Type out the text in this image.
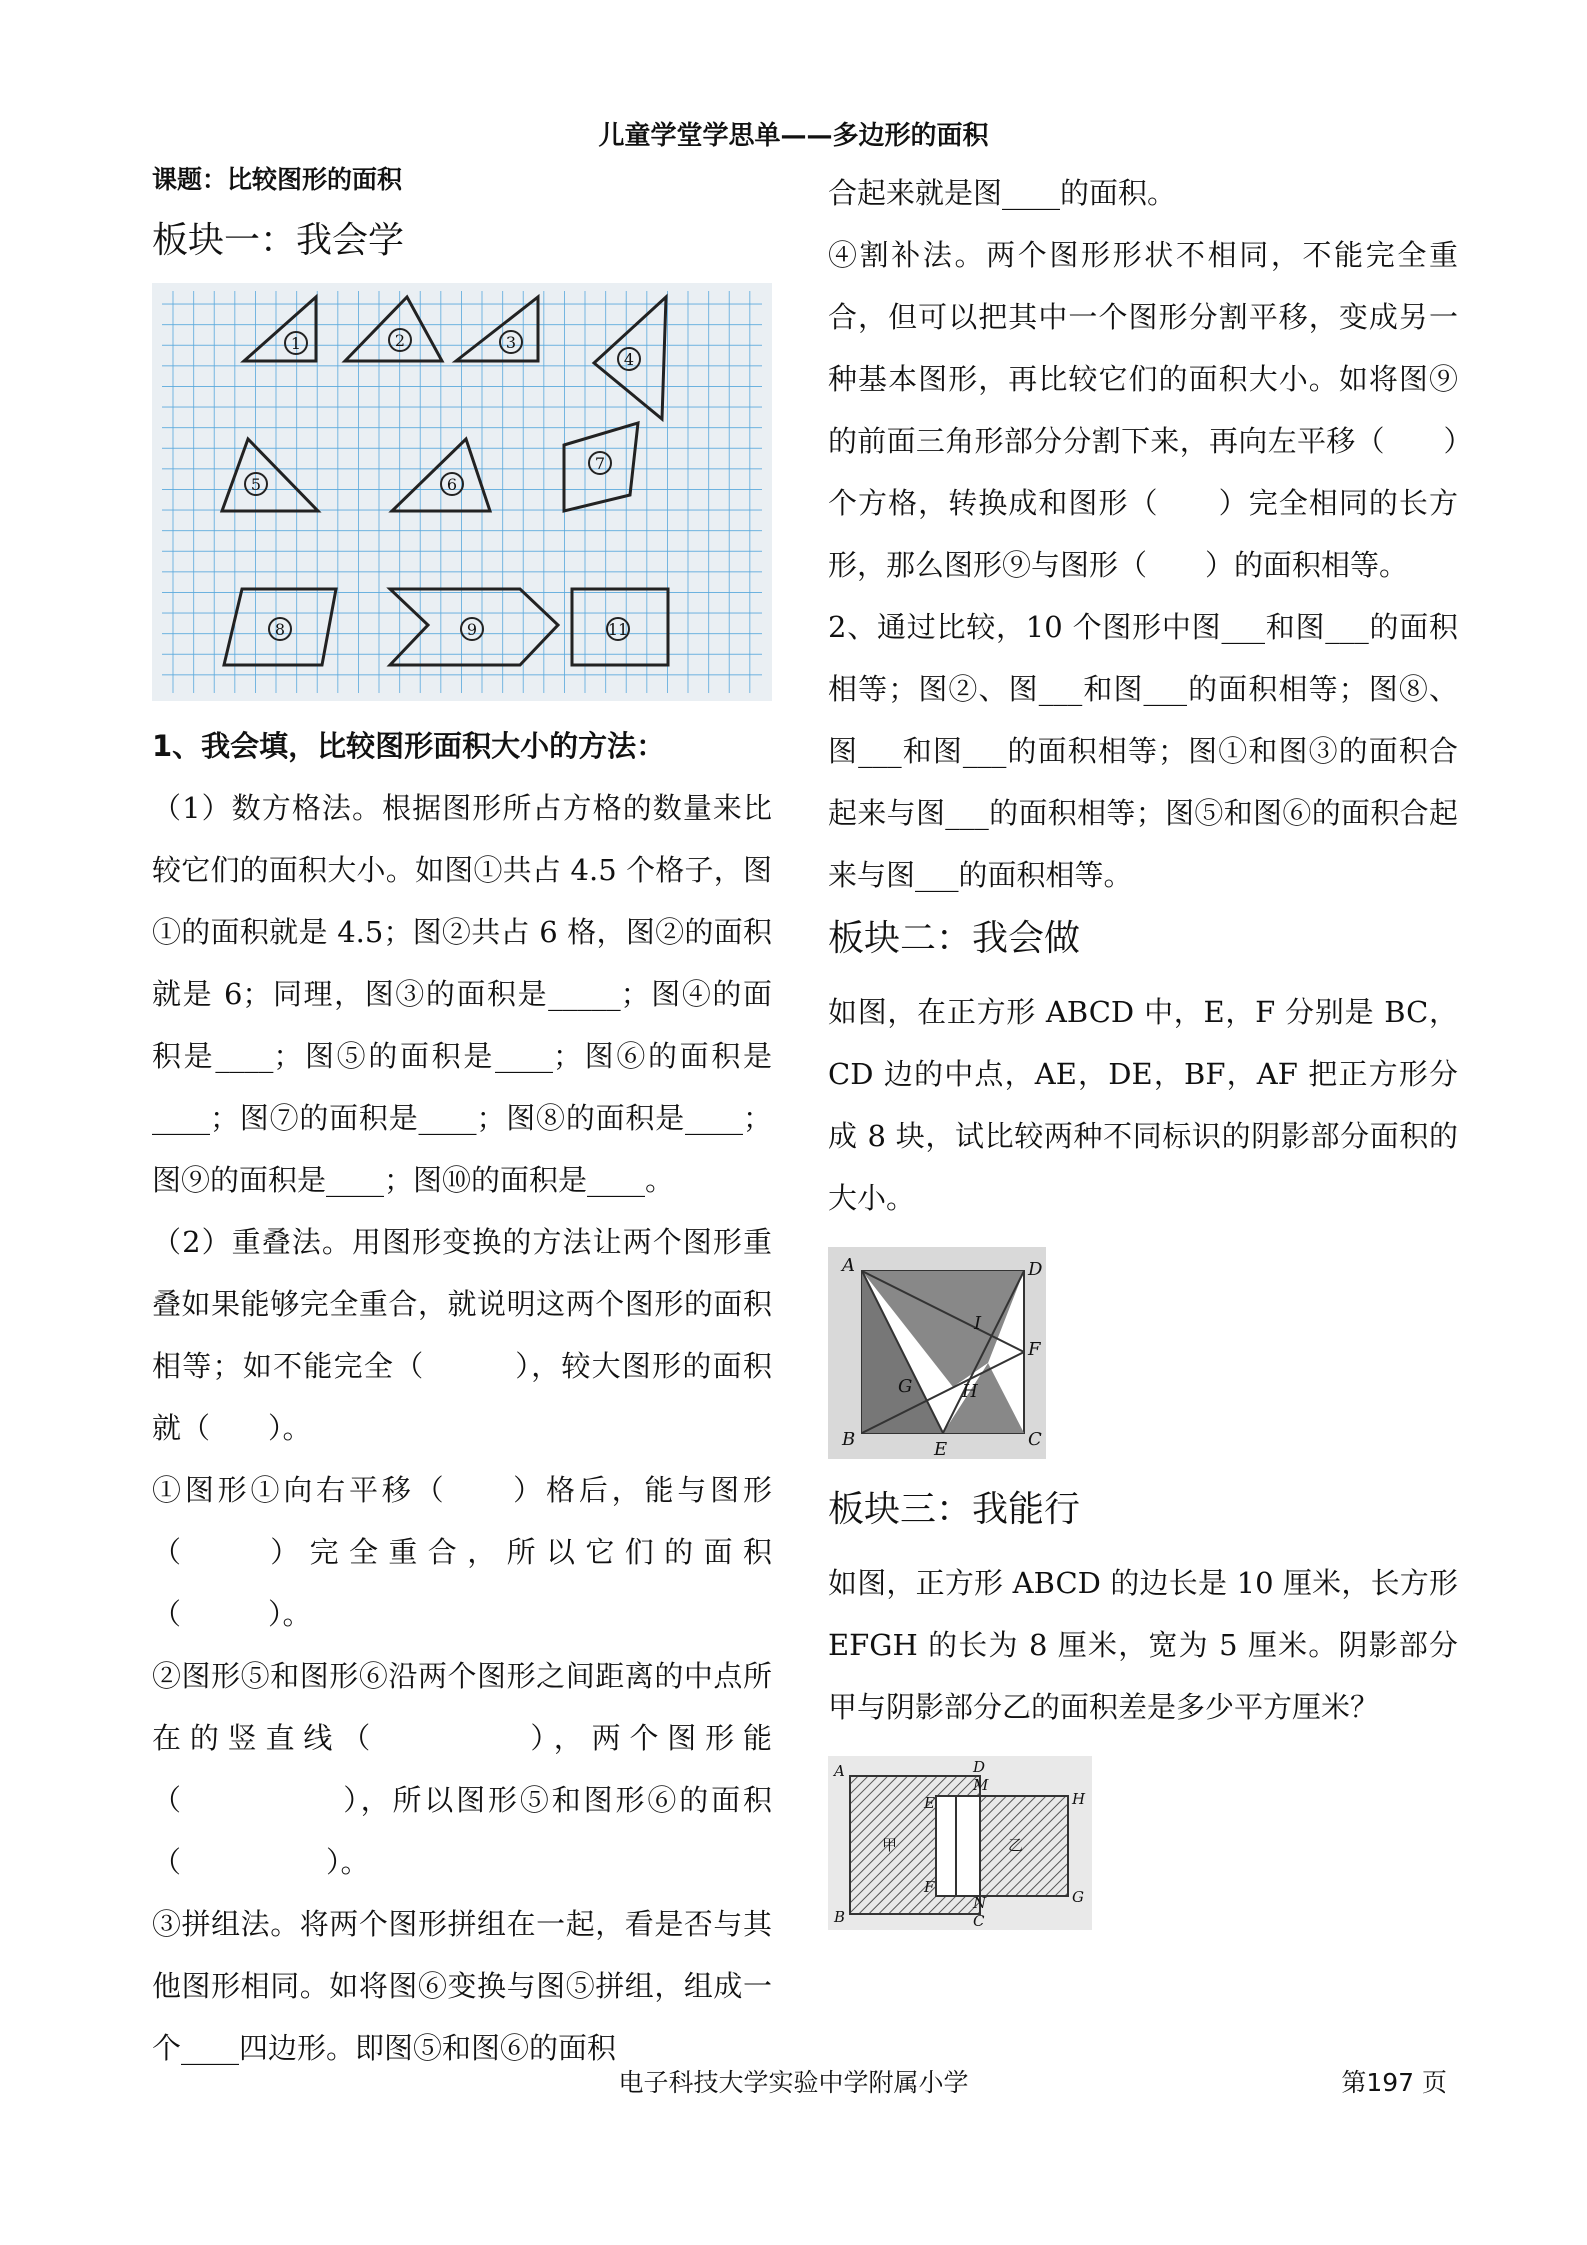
儿童学堂学思单——多边形的面积
课题：比较图形的面积
板块一：我会学
1	2	3
4
5	6
7
8	9	11

1、我会填，比较图形面积大小的方法：

（1）数方格法。根据图形所占方格的数量来比较它们的面积大小。如图①共占 4.5 个格子，图①的面积就是 4.5；图②共占 6 格，图②的面积就是 6；同理，图③的面积是_____；图④的面积是____；图⑤的面积是____；图⑥的面积是____；图⑦的面积是____；图⑧的面积是____；图⑨的面积是____；图⑩的面积是____。

（2）重叠法。用图形变换的方法让两个图形重叠如果能够完全重合，就说明这两个图形的面积相等；如不能完全（　　　），较大图形的面积就（　　）。

①图形①向右平移（　　）格后，能与图形（　　）完全重合，所以它们的面积（　　　）。

②图形⑤和图形⑥沿两个图形之间距离的中点所在的竖直线（　　　　），两个图形能（　　　　　），所以图形⑤和图形⑥的面积（　　　　　）。

③拼组法。将两个图形拼组在一起，看是否与其他图形相同。如将图⑥变换与图⑤拼组，组成一个____四边形。即图⑤和图⑥的面积

合起来就是图____的面积。

④割补法。两个图形形状不相同，不能完全重合，但可以把其中一个图形分割平移，变成另一种基本图形，再比较它们的面积大小。如将图⑨的前面三角形部分分割下来，再向左平移（　　）个方格，转换成和图形（　　）完全相同的长方形，那么图形⑨与图形（　　）的面积相等。

2、通过比较，10 个图形中图___和图___的面积相等；图②、图___和图___的面积相等；图⑧、图___和图___的面积相等；图①和图③的面积合起来与图___的面积相等；图⑤和图⑥的面积合起来与图___的面积相等。

板块二：我会做

如图，在正方形 ABCD 中，E，F 分别是 BC，CD 边的中点，AE，DE，BF，AF 把正方形分成 8 块，试比较两种不同标识的阴影部分面积的大小。

A	D
B	C
E
F
G	H
I
板块三：我能行

如图，正方形 ABCD 的边长是 10 厘米，长方形 EFGH 的长为 8 厘米，宽为 5 厘米。阴影部分甲与阴影部分乙的面积差是多少平方厘米？

A
B
D
M
H
E
F
N
C
G
甲	乙
电子科技大学实验中学附属小学	第197 页
